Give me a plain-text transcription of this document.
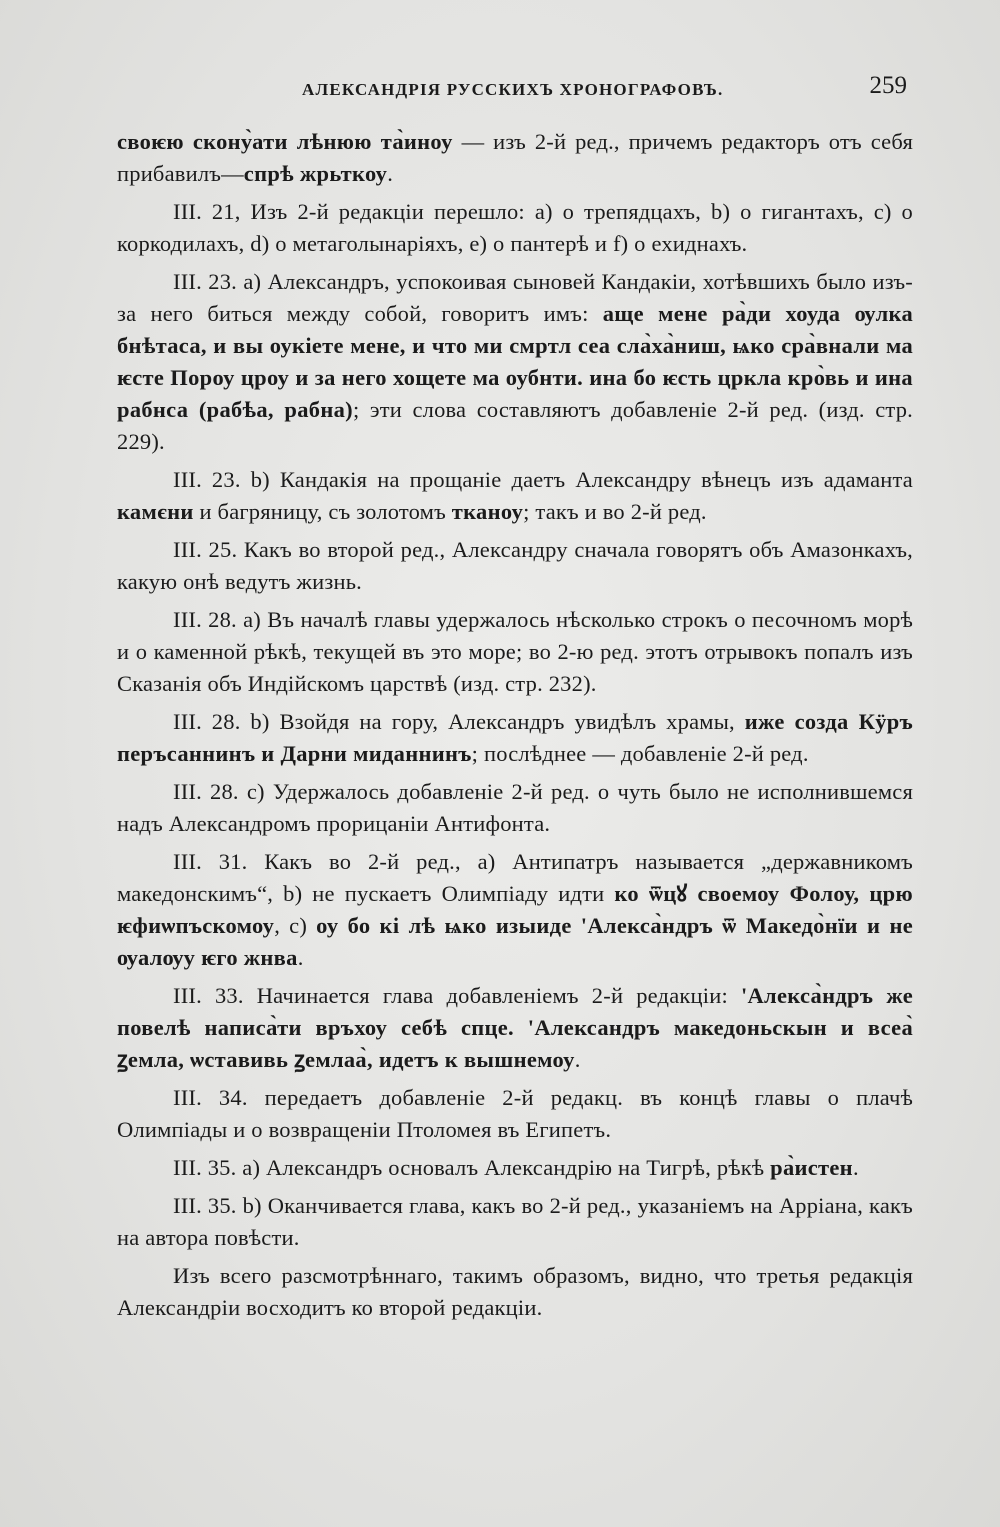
АЛЕКСАНДРІЯ РУССКИХЪ ХРОНОГРАФОВЪ.	259

своѥю скону̀ати лѣнюю та̀иноу — изъ 2-й ред., причемъ редакторъ отъ себя прибавилъ—спрѣ жрьткоу.

III. 21, Изъ 2-й редакціи перешло: a) о трепядцахъ, b) о гигантахъ, c) о коркодилахъ, d) о метаголынаріяхъ, e) о пантерѣ и f) о ехиднахъ.

III. 23. a) Александръ, успокоивая сыновей Кандакіи, хотѣвшихъ было изъ-за него биться между собой, говоритъ имъ: аще мене ра̀ди хоуда ѹлка бнѣтаса, и вы оукіете мене, и что ми смртл сеа сла̀ха̀ниш, ѩко сра̀внали ма ѥсте Пороу цроу и за него хощете ма оубнти. ина бо ѥсть цркла кро̀вь и ина рабнса (рабѣа, рабна); эти слова составляютъ добавленіе 2-й ред. (изд. стр. 229).

III. 23. b) Кандакія на прощаніе даетъ Александру вѣнецъ изъ адаманта камєни и багряницу, съ золотомъ тканоу; такъ и во 2-й ред.

III. 25. Какъ во второй ред., Александру сначала говорятъ объ Амазонкахъ, какую онѣ ведутъ жизнь.

III. 28. a) Въ началѣ главы удержалось нѣсколько строкъ о песочномъ морѣ и о каменной рѣкѣ, текущей въ это море; во 2-ю ред. этотъ отрывокъ попалъ изъ Сказанія объ Индійскомъ царствѣ (изд. стр. 232).

III. 28. b) Взойдя на гору, Александръ увидѣлъ храмы, иже созда Кӱръ перъсаннинъ и Дарни миданнинъ; послѣднее — добавленіе 2-й ред.

III. 28. c) Удержалось добавленіе 2-й ред. о чуть было не исполнившемся надъ Александромъ прорицаніи Антифонта.

III. 31. Какъ во 2-й ред., a) Антипатръ называется „державникомъ македонскимъ“, b) не пускаетъ Олимпіаду идти ко ѿцꙋ своемоу Фолоу, црю ѥфиѡпъскомоу, c) оу бо кі лѣ ѩко изыиде 'Алекса̀ндръ ѿ Македо̀нїи и не ѹалѹу ѥго жнва.

III. 33. Начинается глава добавленіемъ 2-й редакціи: 'Алекса̀ндръ же повелѣ написа̀ти връхоу себѣ спце. 'Александръ македоньскын и всеа̀ ꙁемла, ѡставивь ꙁемлаа̀, идетъ к вышнемоу.

III. 34. передаетъ добавленіе 2-й редакц. въ концѣ главы о плачѣ Олимпіады и о возвращеніи Птоломея въ Египетъ.

III. 35. a) Александръ основалъ Александрію на Тигрѣ, рѣкѣ ра̀истен.

III. 35. b) Оканчивается глава, какъ во 2-й ред., указаніемъ на Арріана, какъ на автора повѣсти.

Изъ всего разсмотрѣннаго, такимъ образомъ, видно, что третья редакція Александріи восходитъ ко второй редакціи.
